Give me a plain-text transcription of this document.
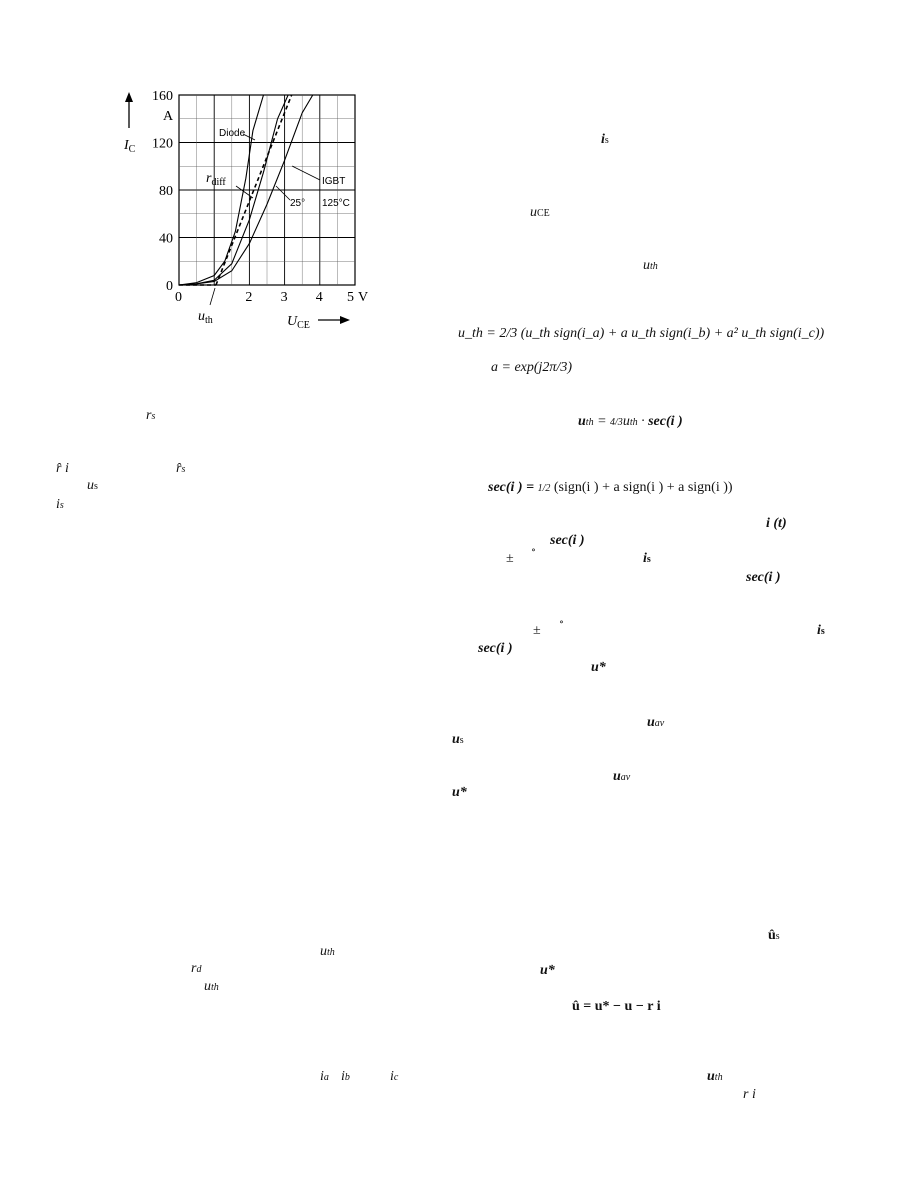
0	2 3 4 5
160
120
80
40
0
$I_C$
A
$U_{CE}$
V
$u_{th}$
Diode
$r_{diff}$	IGBT
25° 125°C
is
uCE
uth
u_th = 2/3 (u_th sign(i_a) + a u_th sign(i_b) + a² u_th sign(i_c))
a = exp(j2π/3)
uth = 4/3uth · sec(i )
sec(i ) = 1/2 (sign(i ) + a sign(i ) + a sign(i ))
i (t)
sec(i )
±
∘
is
sec(i )
±
∘
is
sec(i )
u*
uav
us
uav
u*
ûs
u*
û = u* − u − r i
uth
r i
rs
r̂ i	r̂s
us
is
uth
rd
uth
ia ib	ic
